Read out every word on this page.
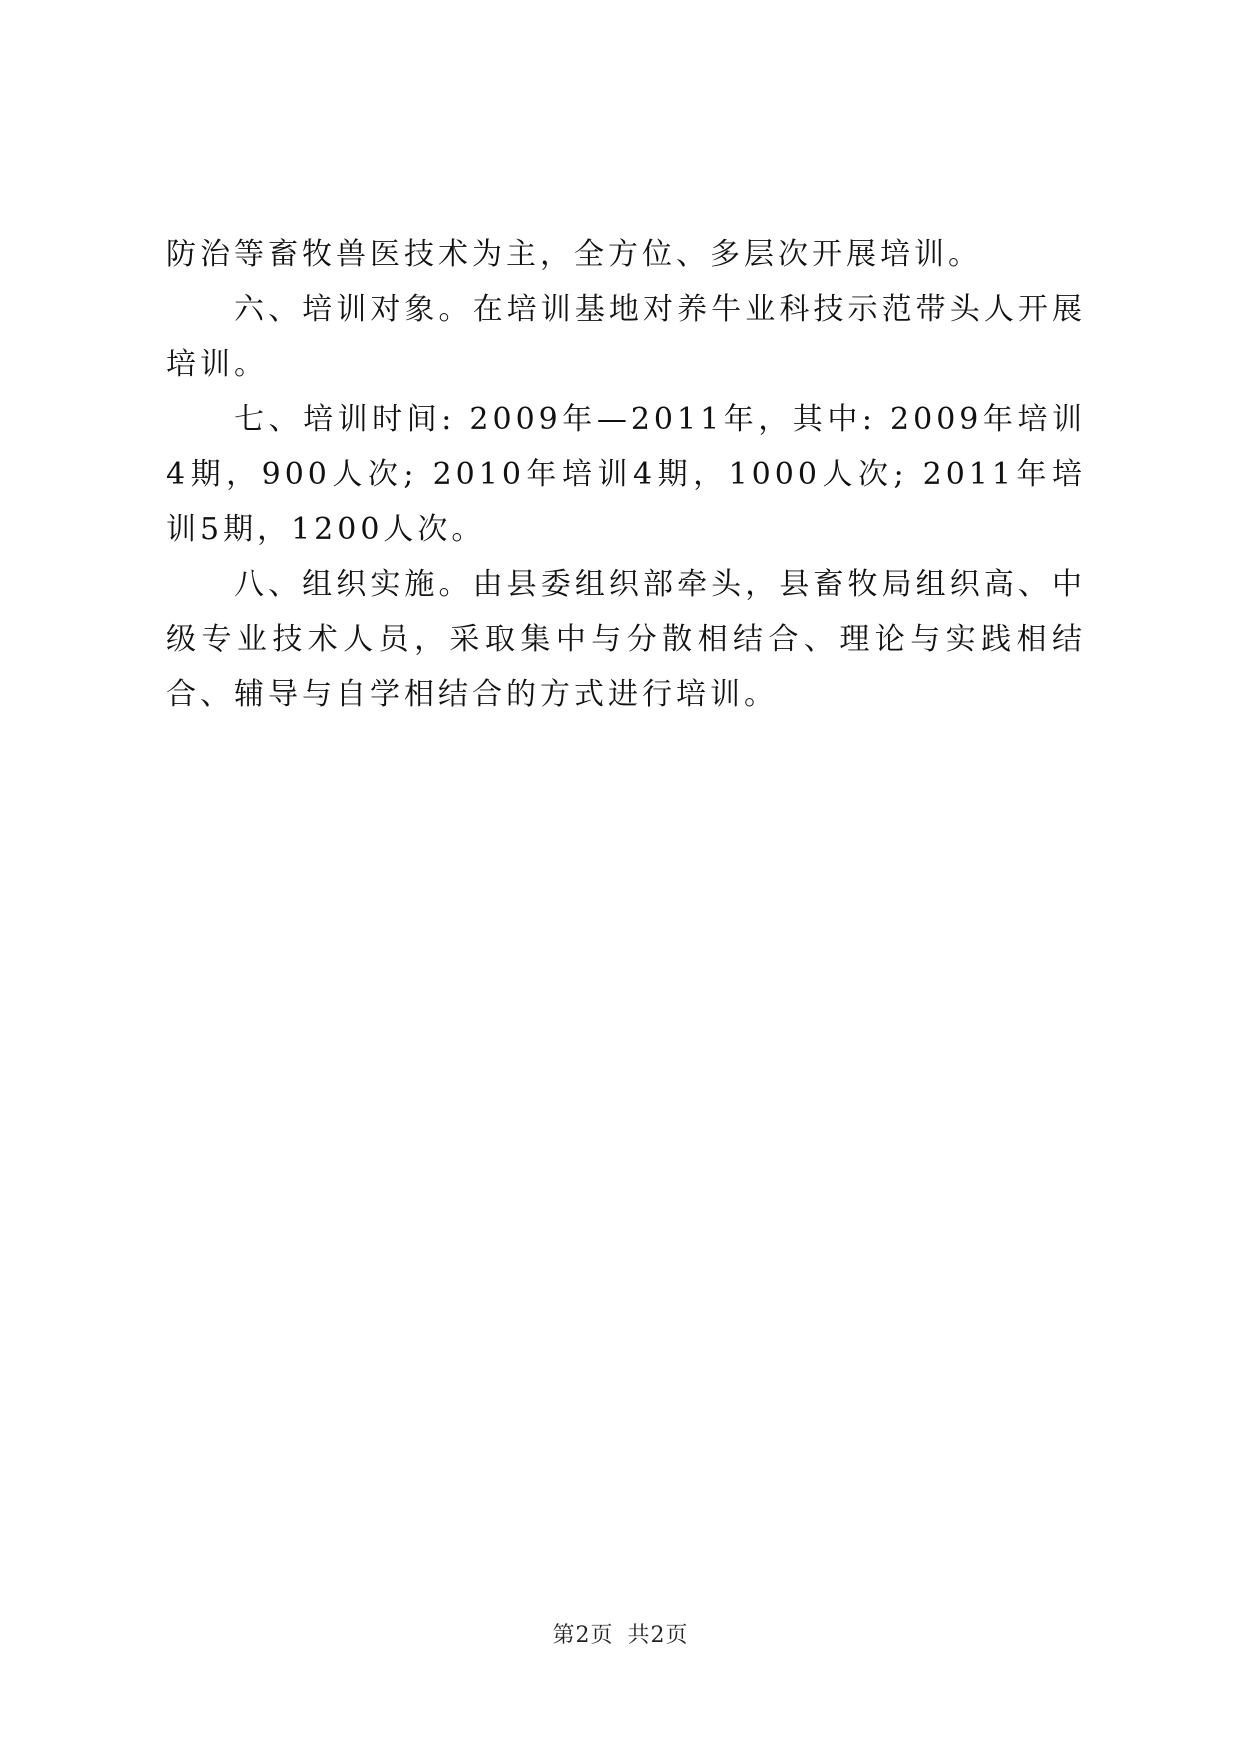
防治等畜牧兽医技术为主，全方位、多层次开展培训。

六、培训对象。在培训基地对养牛业科技示范带头人开展培训。

七、培训时间: 2009年—2011年，其中: 2009年培训4期，900人次; 2010年培训4期，1000人次; 2011年培训5期，1200人次。

八、组织实施。由县委组织部牵头，县畜牧局组织高、中级专业技术人员，采取集中与分散相结合、理论与实践相结合、辅导与自学相结合的方式进行培训。

第2页 共2页
